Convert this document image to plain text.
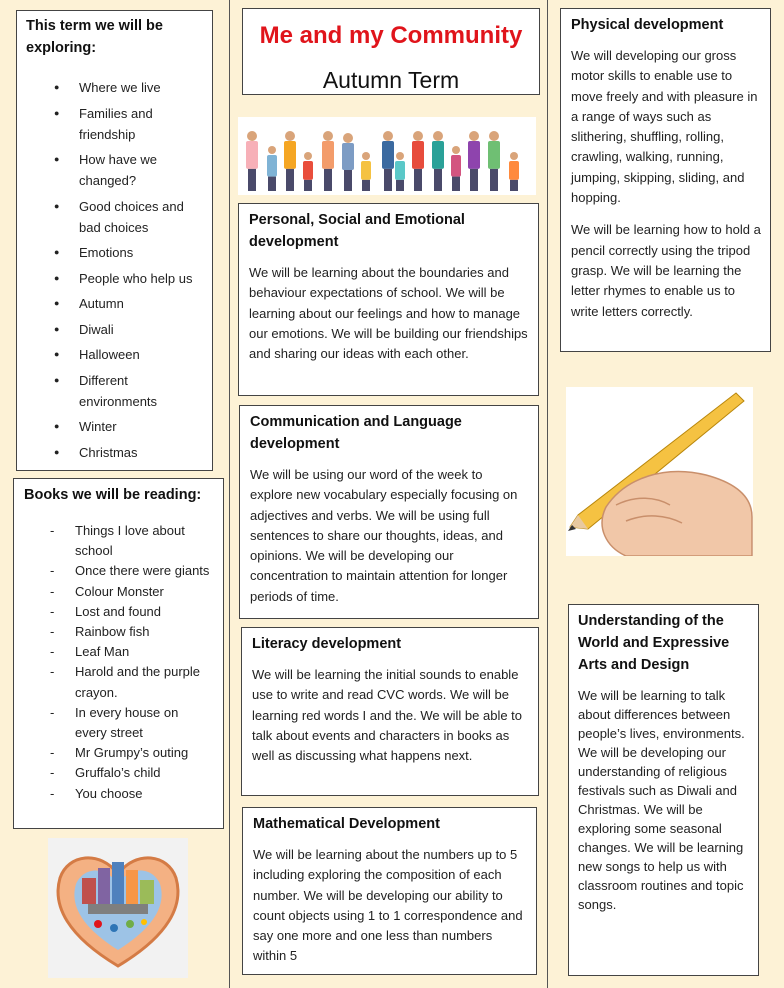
This term we will be exploring:
● Where we live
● Families and friendship
● How have we changed?
● Good choices and bad choices
● Emotions
● People who help us
● Autumn
● Diwali
● Halloween
● Different environments
● Winter
● Christmas
Books we will be reading:
- Things I love about school
- Once there were giants
- Colour Monster
- Lost and found
- Rainbow fish
- Leaf Man
- Harold and the purple crayon.
- In every house on every street
- Mr Grumpy’s outing
- Gruffalo’s child
- You choose
Me and my Community
Autumn Term
Personal, Social and Emotional development

We will be learning about the boundaries and behaviour expectations of school. We will be learning about our feelings and how to manage our emotions. We will be building our friendships and sharing our ideas with each other.

Communication and Language development

We will be using our word of the week to explore new vocabulary especially focusing on adjectives and verbs. We will be using full sentences to share our thoughts, ideas, and opinions. We will be developing our concentration to maintain attention for longer periods of time.

Literacy development

We will be learning the initial sounds to enable use to write and read CVC words. We will be learning red words I and the. We will be able to talk about events and characters in books as well as discussing what happens next.

Mathematical Development

We will be learning about the numbers up to 5 including exploring the composition of each number. We will be developing our ability to count objects using 1 to 1 correspondence and say one more and one less than numbers within 5

Physical development

We will developing our gross motor skills to enable use to move freely and with pleasure in a range of ways such as slithering, shuffling, rolling, crawling, walking, running, jumping, skipping, sliding, and hopping.

We will be learning how to hold a pencil correctly using the tripod grasp. We will be learning the letter rhymes to enable us to write letters correctly.

Understanding of the World and Expressive Arts and Design

We will be learning to talk about differences between people’s lives, environments. We will be developing our understanding of religious festivals such as Diwali and Christmas. We will be exploring some seasonal changes. We will be learning new songs to help us with classroom routines and topic songs.
